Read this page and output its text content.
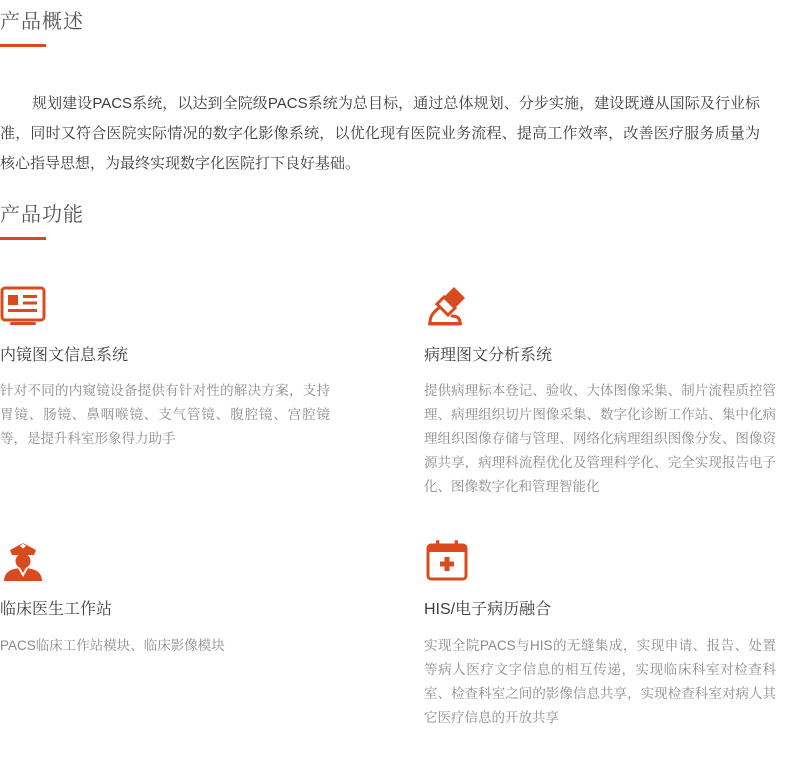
产品概述

规划建设PACS系统，以达到全院级PACS系统为总目标，通过总体规划、分步实施，建设既遵从国际及行业标准，同时又符合医院实际情况的数字化影像系统，以优化现有医院业务流程、提高工作效率，改善医疗服务质量为核心指导思想，为最终实现数字化医院打下良好基础。

产品功能
内镜图文信息系统

针对不同的内窥镜设备提供有针对性的解决方案，支持胃镜、肠镜、鼻咽喉镜、支气管镜、腹腔镜、宫腔镜等，是提升科室形象得力助手

病理图文分析系统

提供病理标本登记、验收、大体图像采集、制片流程质控管理、病理组织切片图像采集、数字化诊断工作站、集中化病理组织图像存储与管理、网络化病理组织图像分发、图像资源共享，病理科流程优化及管理科学化、完全实现报告电子化、图像数字化和管理智能化

临床医生工作站

PACS临床工作站模块、临床影像模块

HIS/电子病历融合

实现全院PACS与HIS的无缝集成，实现申请、报告、处置等病人医疗文字信息的相互传递，实现临床科室对检查科室、检查科室之间的影像信息共享，实现检查科室对病人其它医疗信息的开放共享
